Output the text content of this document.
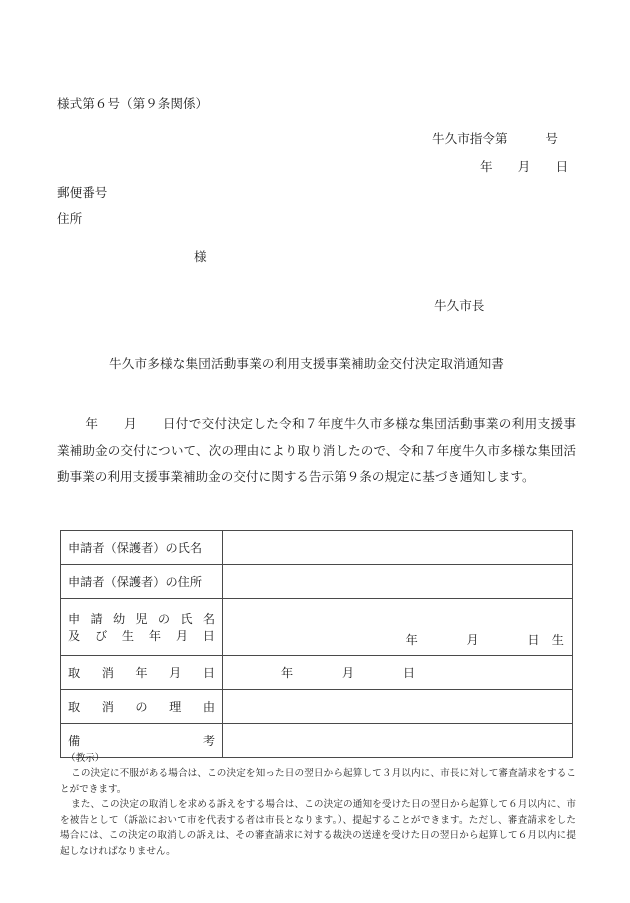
様式第６号（第９条関係）
牛久市指令第　　　号
年　　月　　日
郵便番号
住所
様
牛久市長
牛久市多様な集団活動事業の利用支援事業補助金交付決定取消通知書
年　　月　　日付で交付決定した令和７年度牛久市多様な集団活動事業の利用支援事業補助金の交付について、次の理由により取り消したので、令和７年度牛久市多様な集団活動事業の利用支援事業補助金の交付に関する告示第９条の規定に基づき通知します。
申請者（保護者）の氏名	

申請者（保護者）の住所	

申 請 幼 児 の 氏 名
及 び 生 年 月 日	年　　　　月　　　　日　生

取 消 年 月 日	年　　　　月　　　　日

取 消 の 理 由	

備 考	

（教示）

この決定に不服がある場合は、この決定を知った日の翌日から起算して３月以内に、市長に対して審査請求をすることができます。

また、この決定の取消しを求める訴えをする場合は、この決定の通知を受けた日の翌日から起算して６月以内に、市を被告として（訴訟において市を代表する者は市長となります。）、提起することができます。ただし、審査請求をした場合には、この決定の取消しの訴えは、その審査請求に対する裁決の送達を受けた日の翌日から起算して６月以内に提起しなければなりません。
